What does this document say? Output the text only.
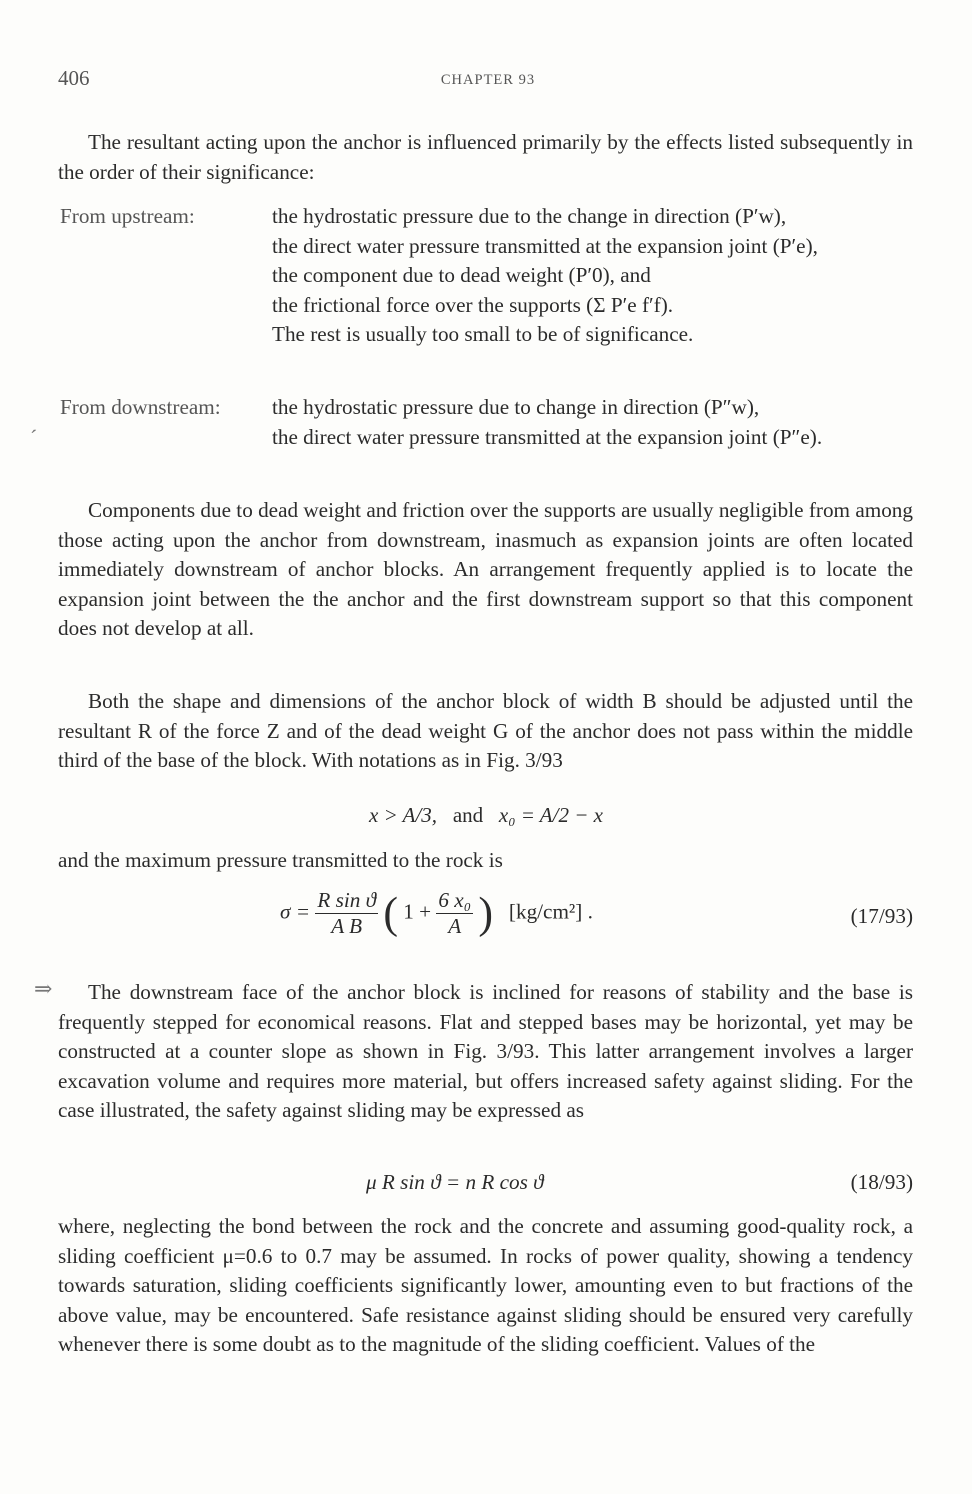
406	CHAPTER 93

The resultant acting upon the anchor is influenced primarily by the effects listed subsequently in the order of their significance:

From upstream:	the hydrostatic pressure due to the change in direction (P′w),
the direct water pressure transmitted at the expansion joint (P′e),
the component due to dead weight (P′0), and
the frictional force over the supports (Σ P′e f′f).
The rest is usually too small to be of significance.
From downstream:	the hydrostatic pressure due to change in direction (P″w),
the direct water pressure transmitted at the expansion joint (P″e).
ˊ

Components due to dead weight and friction over the supports are usually negligible from among those acting upon the anchor from downstream, inasmuch as expansion joints are often located immediately downstream of anchor blocks. An arrangement frequently applied is to locate the expansion joint between the the anchor and the first downstream support so that this component does not develop at all.

Both the shape and dimensions of the anchor block of width B should be adjusted until the resultant R of the force Z and of the dead weight G of the anchor does not pass within the middle third of the base of the block. With notations as in Fig. 3/93

x > A/3, and x₀ = A/2 − x

and the maximum pressure transmitted to the rock is

$\sigma = \frac{\text{R sin ϑ}}{\text{A B}}$ ( $1 + \frac{\text{6 x₀}}{A}$ ) [kg/cm²] .	(17/93)
⇒	The downstream face of the anchor block is inclined for reasons of stability and the base is frequently stepped for economical reasons. Flat and stepped bases may be horizontal, yet may be constructed at a counter slope as shown in Fig. 3/93. This latter arrangement involves a larger excavation volume and requires more material, but offers increased safety against sliding. For the case illustrated, the safety against sliding may be expressed as

μ R sin ϑ = n R cos ϑ	(18/93)

where, neglecting the bond between the rock and the concrete and assuming good-quality rock, a sliding coefficient μ=0.6 to 0.7 may be assumed. In rocks of power quality, showing a tendency towards saturation, sliding coefficients significantly lower, amounting even to but fractions of the above value, may be encountered. Safe resistance against sliding should be ensured very carefully whenever there is some doubt as to the magnitude of the sliding coefficient. Values of the
